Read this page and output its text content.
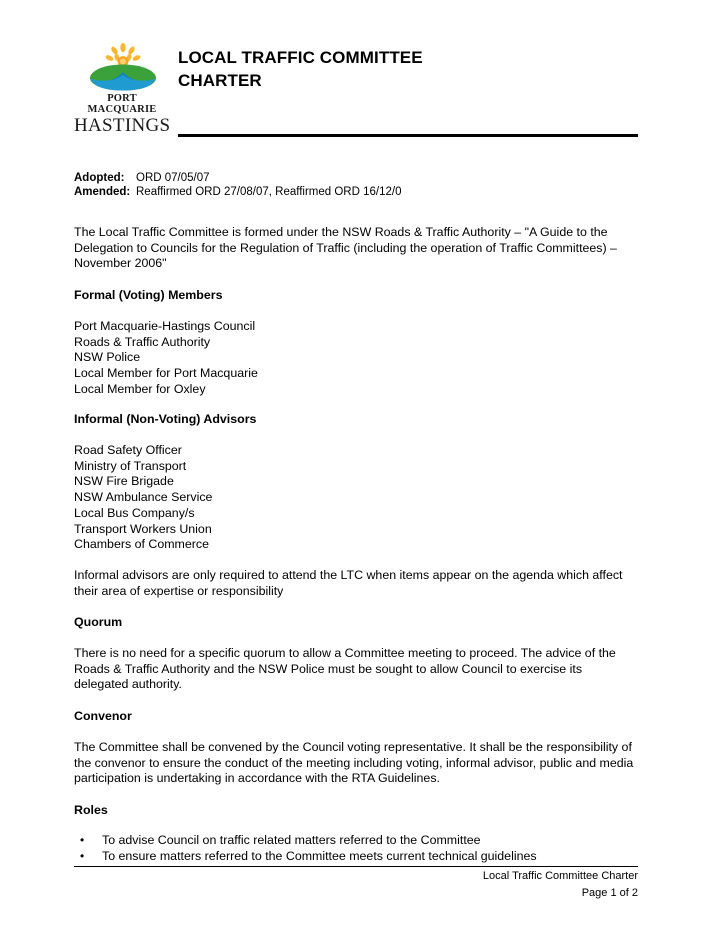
PORT MACQUARIE
HASTINGS
LOCAL TRAFFIC COMMITTEE
CHARTER
Adopted: ORD 07/05/07
Amended: Reaffirmed ORD 27/08/07, Reaffirmed ORD 16/12/0

The Local Traffic Committee is formed under the NSW Roads & Traffic Authority – "A Guide to the Delegation to Councils for the Regulation of Traffic (including the operation of Traffic Committees) – November 2006"

Formal (Voting) Members
Port Macquarie-Hastings Council
Roads & Traffic Authority
NSW Police
Local Member for Port Macquarie
Local Member for Oxley
Informal (Non-Voting) Advisors
Road Safety Officer
Ministry of Transport
NSW Fire Brigade
NSW Ambulance Service
Local Bus Company/s
Transport Workers Union
Chambers of Commerce

Informal advisors are only required to attend the LTC when items appear on the agenda which affect their area of expertise or responsibility

Quorum

There is no need for a specific quorum to allow a Committee meeting to proceed. The advice of the Roads & Traffic Authority and the NSW Police must be sought to allow Council to exercise its delegated authority.

Convenor

The Committee shall be convened by the Council voting representative. It shall be the responsibility of the convenor to ensure the conduct of the meeting including voting, informal advisor, public and media participation is undertaking in accordance with the RTA Guidelines.

Roles
• To advise Council on traffic related matters referred to the Committee
• To ensure matters referred to the Committee meets current technical guidelines
Local Traffic Committee Charter
Page 1 of 2
